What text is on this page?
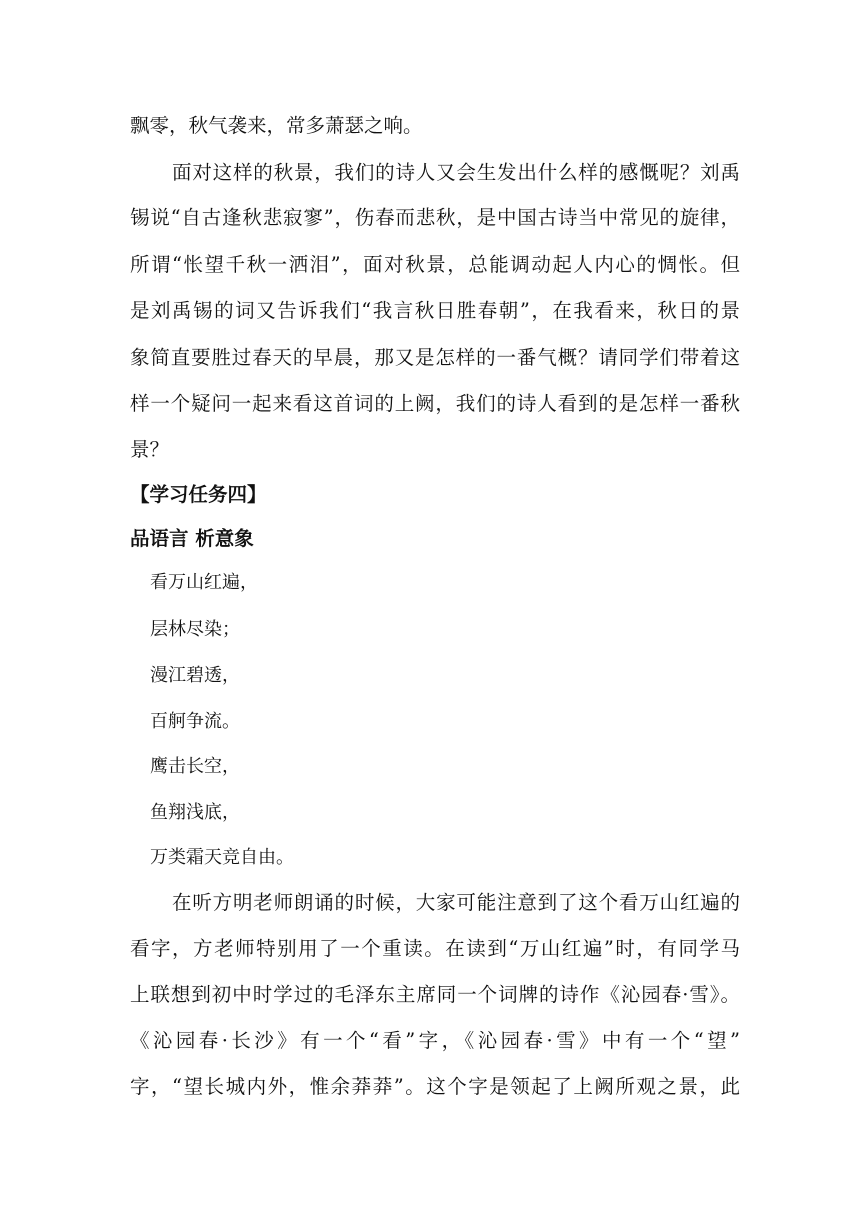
飘零，秋气袭来，常多萧瑟之响。

面对这样的秋景，我们的诗人又会生发出什么样的感慨呢？刘禹

锡说“自古逢秋悲寂寥”，伤春而悲秋，是中国古诗当中常见的旋律，

所谓“怅望千秋一洒泪”，面对秋景，总能调动起人内心的惆怅。但

是刘禹锡的词又告诉我们“我言秋日胜春朝”，在我看来，秋日的景

象简直要胜过春天的早晨，那又是怎样的一番气概？请同学们带着这

样一个疑问一起来看这首词的上阙，我们的诗人看到的是怎样一番秋

景？

【学习任务四】
品语言 析意象

看万山红遍，

层林尽染；

漫江碧透，

百舸争流。

鹰击长空，

鱼翔浅底，

万类霜天竞自由。

在听方明老师朗诵的时候，大家可能注意到了这个看万山红遍的

看字，方老师特别用了一个重读。在读到“万山红遍”时，有同学马

上联想到初中时学过的毛泽东主席同一个词牌的诗作《沁园春·雪》。

《沁园春·长沙》有一个“看”字，《沁园春·雪》中有一个“望”

字，“望长城内外，惟余莽莽”。这个字是领起了上阙所观之景，此
